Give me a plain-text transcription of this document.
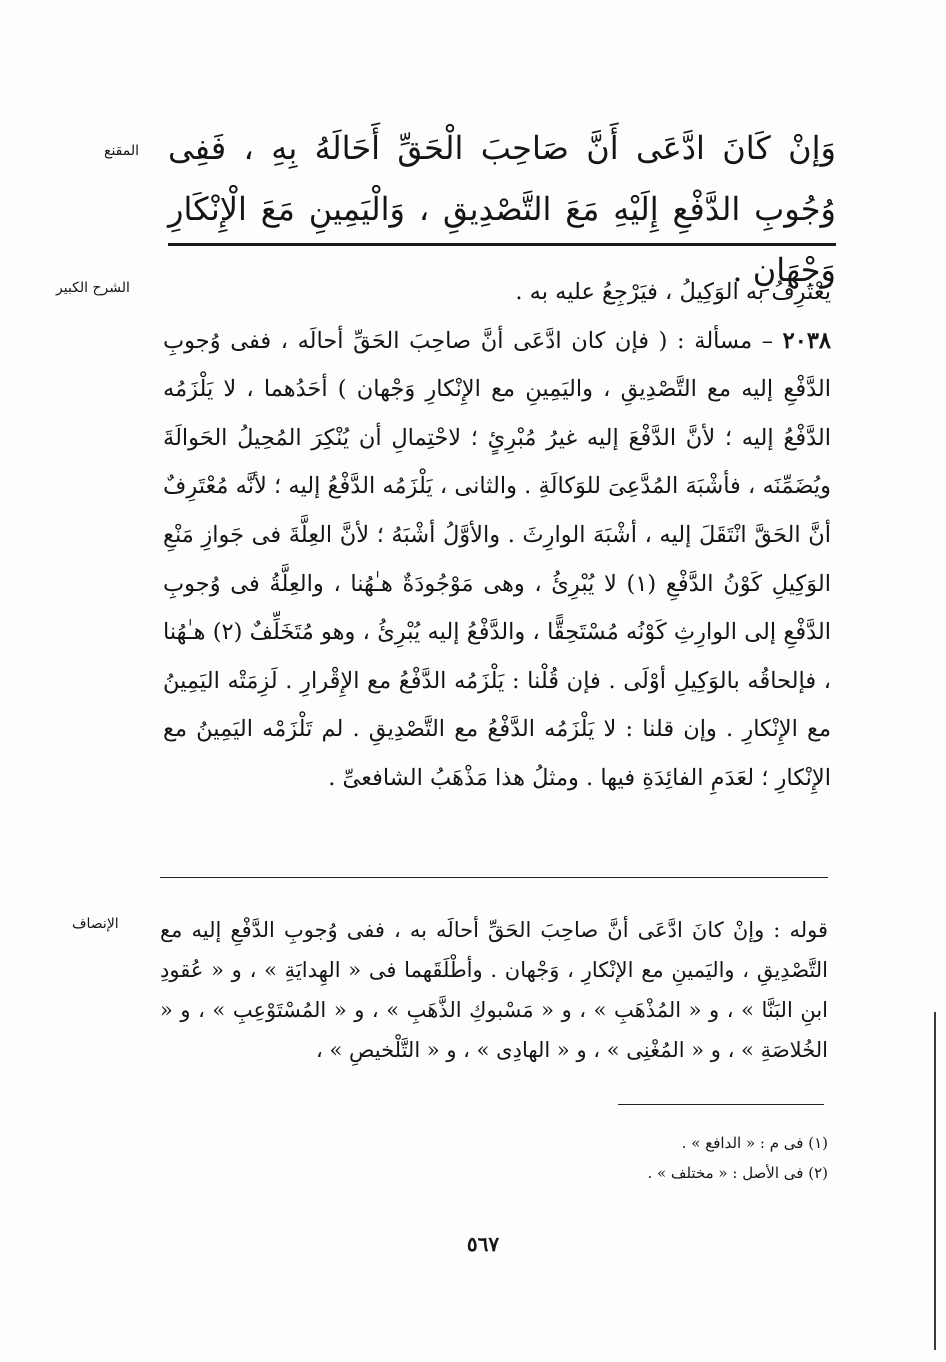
المقنع وَإنْ كَانَ ادَّعَى أَنَّ صَاحِبَ الْحَقِّ أَحَالَهُ بِهِ ، فَفِى وُجُوبِ الدَّفْعِ إِلَيْهِ مَعَ التَّصْدِيقِ ، وَالْيَمِينِ مَعَ الْإِنْكَارِ وَجْهَانِ .
الشرح الكبير	يَعْتَرِفُ به الوَكِيلُ ، فيَرْجِعُ عليه به .
٢٠٣٨ – مسألة : ( فإن كان ادَّعَى أنَّ صاحِبَ الحَقِّ أحالَه ، ففى وُجوبِ الدَّفْعِ إليه مع التَّصْدِيقِ ، واليَمِينِ مع الإِنْكارِ وَجْهان ) أحَدُهما ، لا يَلْزَمُه الدَّفْعُ إليه ؛ لأنَّ الدَّفْعَ إليه غيرُ مُبْرِئٍ ؛ لاحْتِمالِ أن يُنْكِرَ المُحِيلُ الحَوالَةَ ويُضَمِّنَه ، فأشْبَهَ المُدَّعِىَ للوَكالَةِ . والثانى ، يَلْزَمُه الدَّفْعُ إليه ؛ لأنَّه مُعْتَرِفٌ أنَّ الحَقَّ انْتَقَلَ إليه ، أشْبَهَ الوارِثَ . والأوَّلُ أشْبَهُ ؛ لأنَّ العِلَّةَ فى جَوازِ مَنْعِ الوَكِيلِ كَوْنُ الدَّفْعِ (١) لا يُبْرِئُ ، وهى مَوْجُودَةٌ هـٰهُنا ، والعِلَّةُ فى وُجوبِ الدَّفْعِ إلى الوارِثِ كَوْنُه مُسْتَحِقًّا ، والدَّفْعُ إليه يُبْرِئُ ، وهو مُتَخَلِّفٌ (٢) هـٰهُنا ، فإلحاقُه بالوَكِيلِ أوْلَى . فإن قُلْنا : يَلْزَمُه الدَّفْعُ مع الإِقْرارِ . لَزِمَتْه اليَمِينُ مع الإِنْكارِ . وإن قلنا : لا يَلْزَمُه الدَّفْعُ مع التَّصْدِيقِ . لم تَلْزَمْه اليَمِينُ مع الإِنْكارِ ؛ لعَدَمِ الفائِدَةِ فيها . ومثلُ هذا مَذْهَبُ الشافعىِّ .
الإنصاف قوله : وإنْ كانَ ادَّعَى أنَّ صاحِبَ الحَقِّ أحالَه به ، ففى وُجوبِ الدَّفْعِ إليه مع التَّصْدِيقِ ، واليَمينِ مع الإنْكارِ ، وَجْهان . وأطْلَقَهما فى « الهِدايَةِ » ، و « عُقودِ ابنِ البَنَّا » ، و « المُذْهَبِ » ، و « مَسْبوكِ الذَّهَبِ » ، و « المُسْتَوْعِبِ » ، و « الخُلاصَةِ » ، و « المُغْنِى » ، و « الهادِى » ، و « التَّلْخيصِ » ،

(١) فى م : « الدافع » .

(٢) فى الأصل : « مختلف » .

٥٦٧
